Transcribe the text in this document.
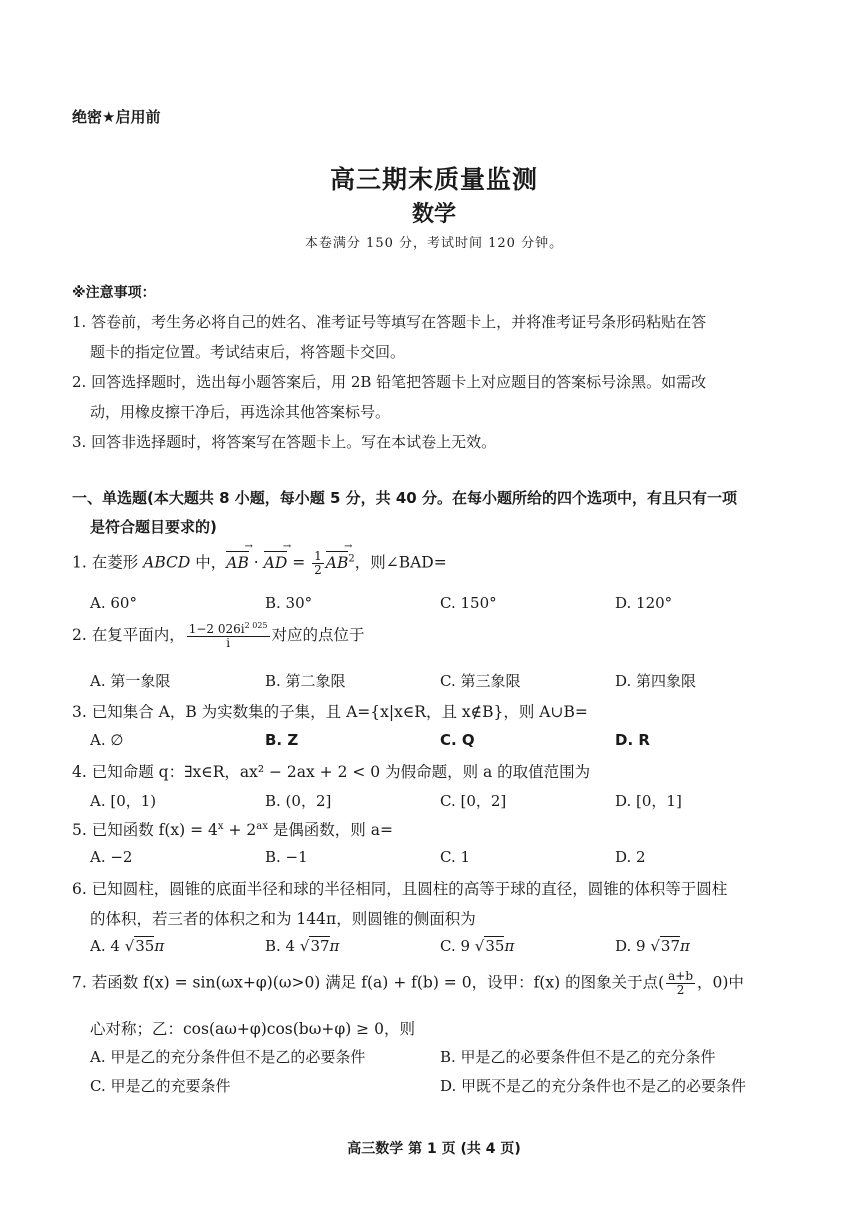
绝密★启用前
高三期末质量监测
数学
本卷满分 150 分，考试时间 120 分钟。
※注意事项：
1. 答卷前，考生务必将自己的姓名、准考证号等填写在答题卡上，并将准考证号条形码粘贴在答
题卡的指定位置。考试结束后，将答题卡交回。
2. 回答选择题时，选出每小题答案后，用 2B 铅笔把答题卡上对应题目的答案标号涂黑。如需改
动，用橡皮擦干净后，再选涂其他答案标号。
3. 回答非选择题时，将答案写在答题卡上。写在本试卷上无效。
一、单选题(本大题共 8 小题，每小题 5 分，共 40 分。在每小题所给的四个选项中，有且只有一项
是符合题目要求的)
1. 在菱形 ABCD 中，AB → · AD → = $\frac{1}{2}$ AB →$^2$，则∠BAD=
A. 60°	B. 30°	C. 150°	D. 120°
2. 在复平面内， $\frac{1-2 026i^{2 025}}{i}$ 对应的点位于
A. 第一象限	B. 第二象限	C. 第三象限	D. 第四象限
3. 已知集合 A，B 为实数集的子集，且 A={x|x∈R，且 x∉B}，则 A∪B=
A. ∅	B. Z	C. Q	D. R
4. 已知命题 q：∃x∈R，ax² − 2ax + 2 < 0 为假命题，则 a 的取值范围为
A. [0，1)	B. (0，2]	C. [0，2]	D. [0，1]
5. 已知函数 $f(x) = 4^x + 2^{ax}$ 是偶函数，则 a=
A. −2	B. −1	C. 1	D. 2
6. 已知圆柱，圆锥的底面半径和球的半径相同，且圆柱的高等于球的直径，圆锥的体积等于圆柱
的体积，若三者的体积之和为 144π，则圆锥的侧面积为
A. 4 √35π	B. 4 √37π	C. 9 √35π	D. 9 √37π
7. 若函数 f(x) = sin(ωx+φ)(ω>0) 满足 f(a) + f(b) = 0，设甲：f(x) 的图象关于点( $\frac{a+b}{2}$ ，0)中
心对称；乙：cos(aω+φ)cos(bω+φ) ≥ 0，则
A. 甲是乙的充分条件但不是乙的必要条件	B. 甲是乙的必要条件但不是乙的充分条件
C. 甲是乙的充要条件	D. 甲既不是乙的充分条件也不是乙的必要条件
高三数学 第 1 页 (共 4 页)
